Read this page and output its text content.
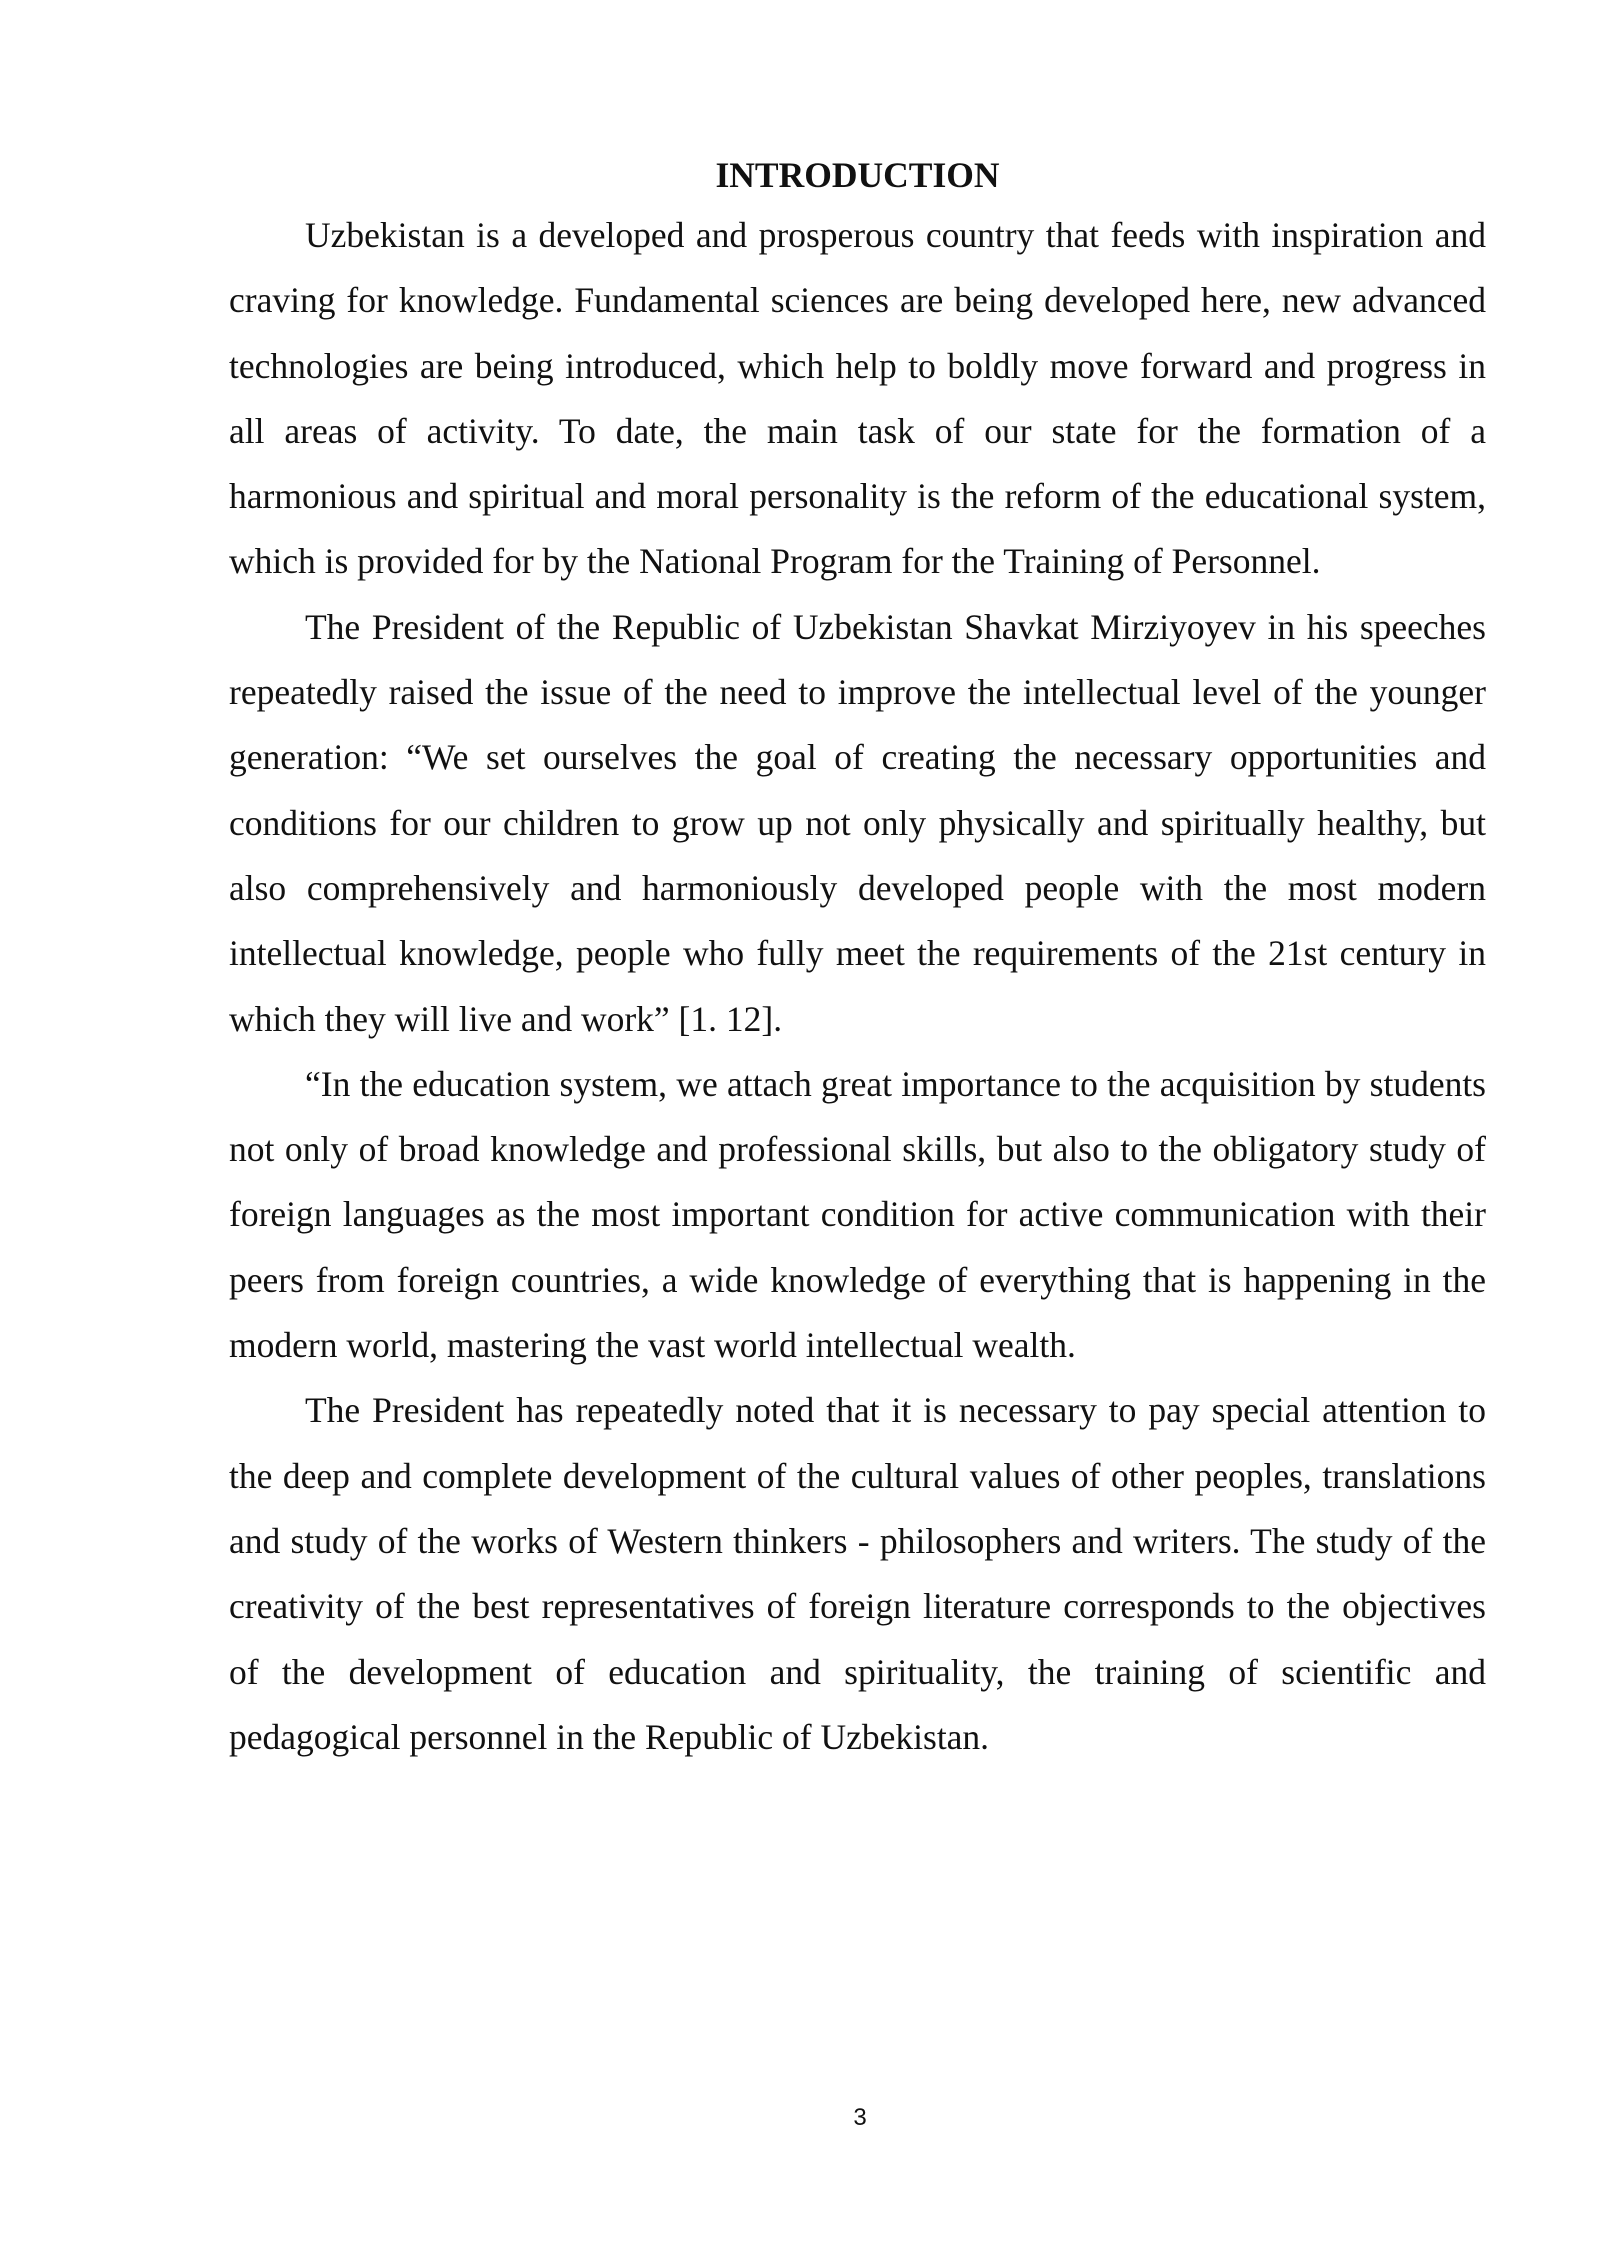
INTRODUCTION

Uzbekistan is a developed and prosperous country that feeds with inspiration and craving for knowledge. Fundamental sciences are being developed here, new advanced technologies are being introduced, which help to boldly move forward and progress in all areas of activity. To date, the main task of our state for the formation of a harmonious and spiritual and moral personality is the reform of the educational system, which is provided for by the National Program for the Training of Personnel.

The President of the Republic of Uzbekistan Shavkat Mirziyoyev in his speeches repeatedly raised the issue of the need to improve the intellectual level of the younger generation: “We set ourselves the goal of creating the necessary opportunities and conditions for our children to grow up not only physically and spiritually healthy, but also comprehensively and harmoniously developed people with the most modern intellectual knowledge, people who fully meet the requirements of the 21st century in which they will live and work” [1. 12].

“In the education system, we attach great importance to the acquisition by students not only of broad knowledge and professional skills, but also to the obligatory study of foreign languages as the most important condition for active communication with their peers from foreign countries, a wide knowledge of everything that is happening in the modern world, mastering the vast world intellectual wealth.

The President has repeatedly noted that it is necessary to pay special attention to the deep and complete development of the cultural values of other peoples, translations and study of the works of Western thinkers - philosophers and writers. The study of the creativity of the best representatives of foreign literature corresponds to the objectives of the development of education and spirituality, the training of scientific and pedagogical personnel in the Republic of Uzbekistan.

3
